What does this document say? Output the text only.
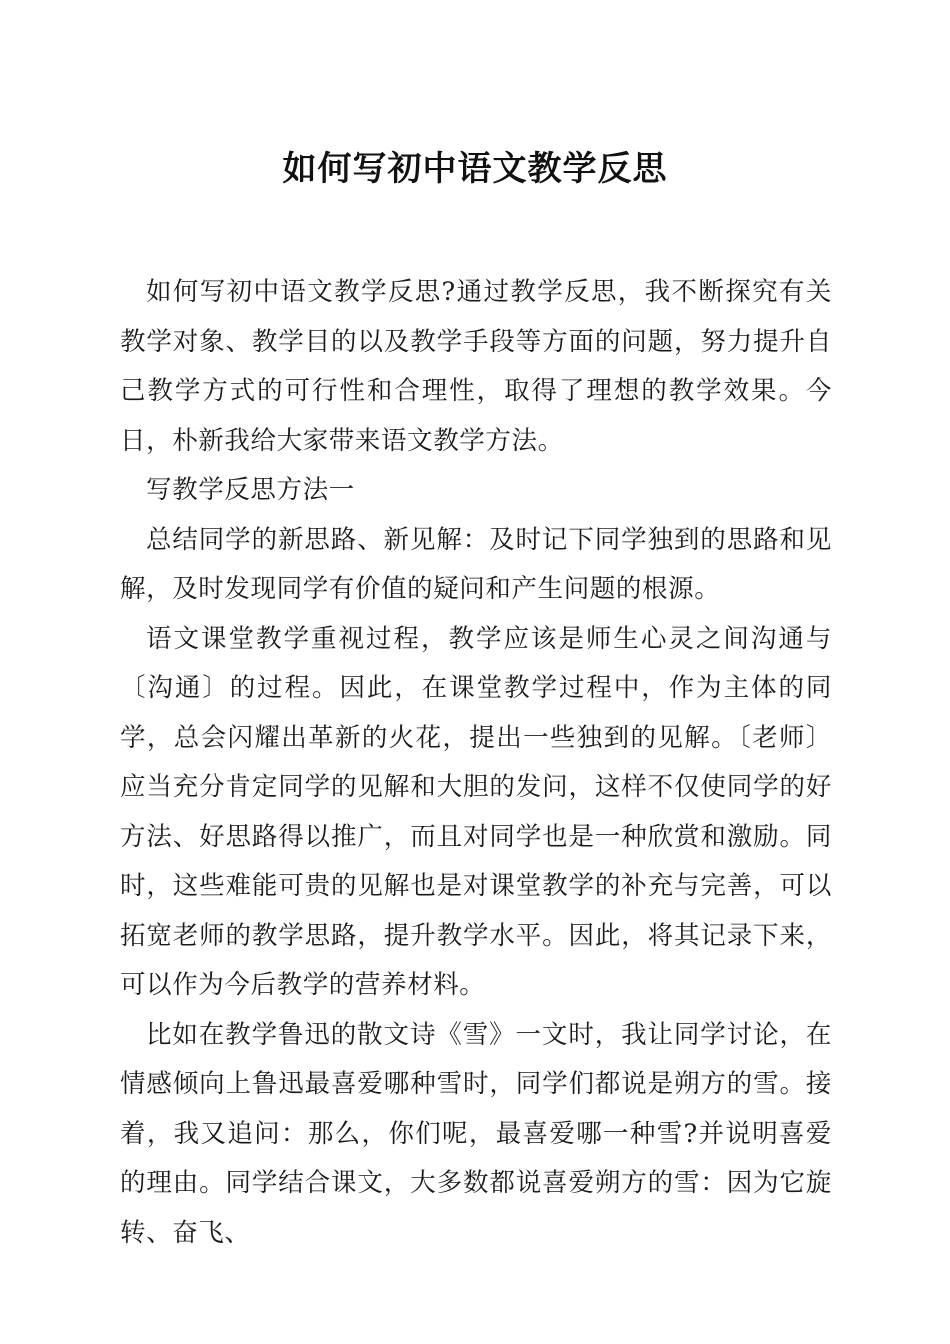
如何写初中语文教学反思

如何写初中语文教学反思?通过教学反思，我不断探究有关教学对象、教学目的以及教学手段等方面的问题，努力提升自己教学方式的可行性和合理性，取得了理想的教学效果。今日，朴新我给大家带来语文教学方法。

写教学反思方法一

总结同学的新思路、新见解：及时记下同学独到的思路和见解，及时发现同学有价值的疑问和产生问题的根源。

语文课堂教学重视过程，教学应该是师生心灵之间沟通与〔沟通〕的过程。因此，在课堂教学过程中，作为主体的同学，总会闪耀出革新的火花，提出一些独到的见解。〔老师〕应当充分肯定同学的见解和大胆的发问，这样不仅使同学的好方法、好思路得以推广，而且对同学也是一种欣赏和激励。同时，这些难能可贵的见解也是对课堂教学的补充与完善，可以拓宽老师的教学思路，提升教学水平。因此，将其记录下来，可以作为今后教学的营养材料。

比如在教学鲁迅的散文诗《雪》一文时，我让同学讨论，在情感倾向上鲁迅最喜爱哪种雪时，同学们都说是朔方的雪。接着，我又追问：那么，你们呢，最喜爱哪一种雪?并说明喜爱的理由。同学结合课文，大多数都说喜爱朔方的雪：因为它旋转、奋飞、
